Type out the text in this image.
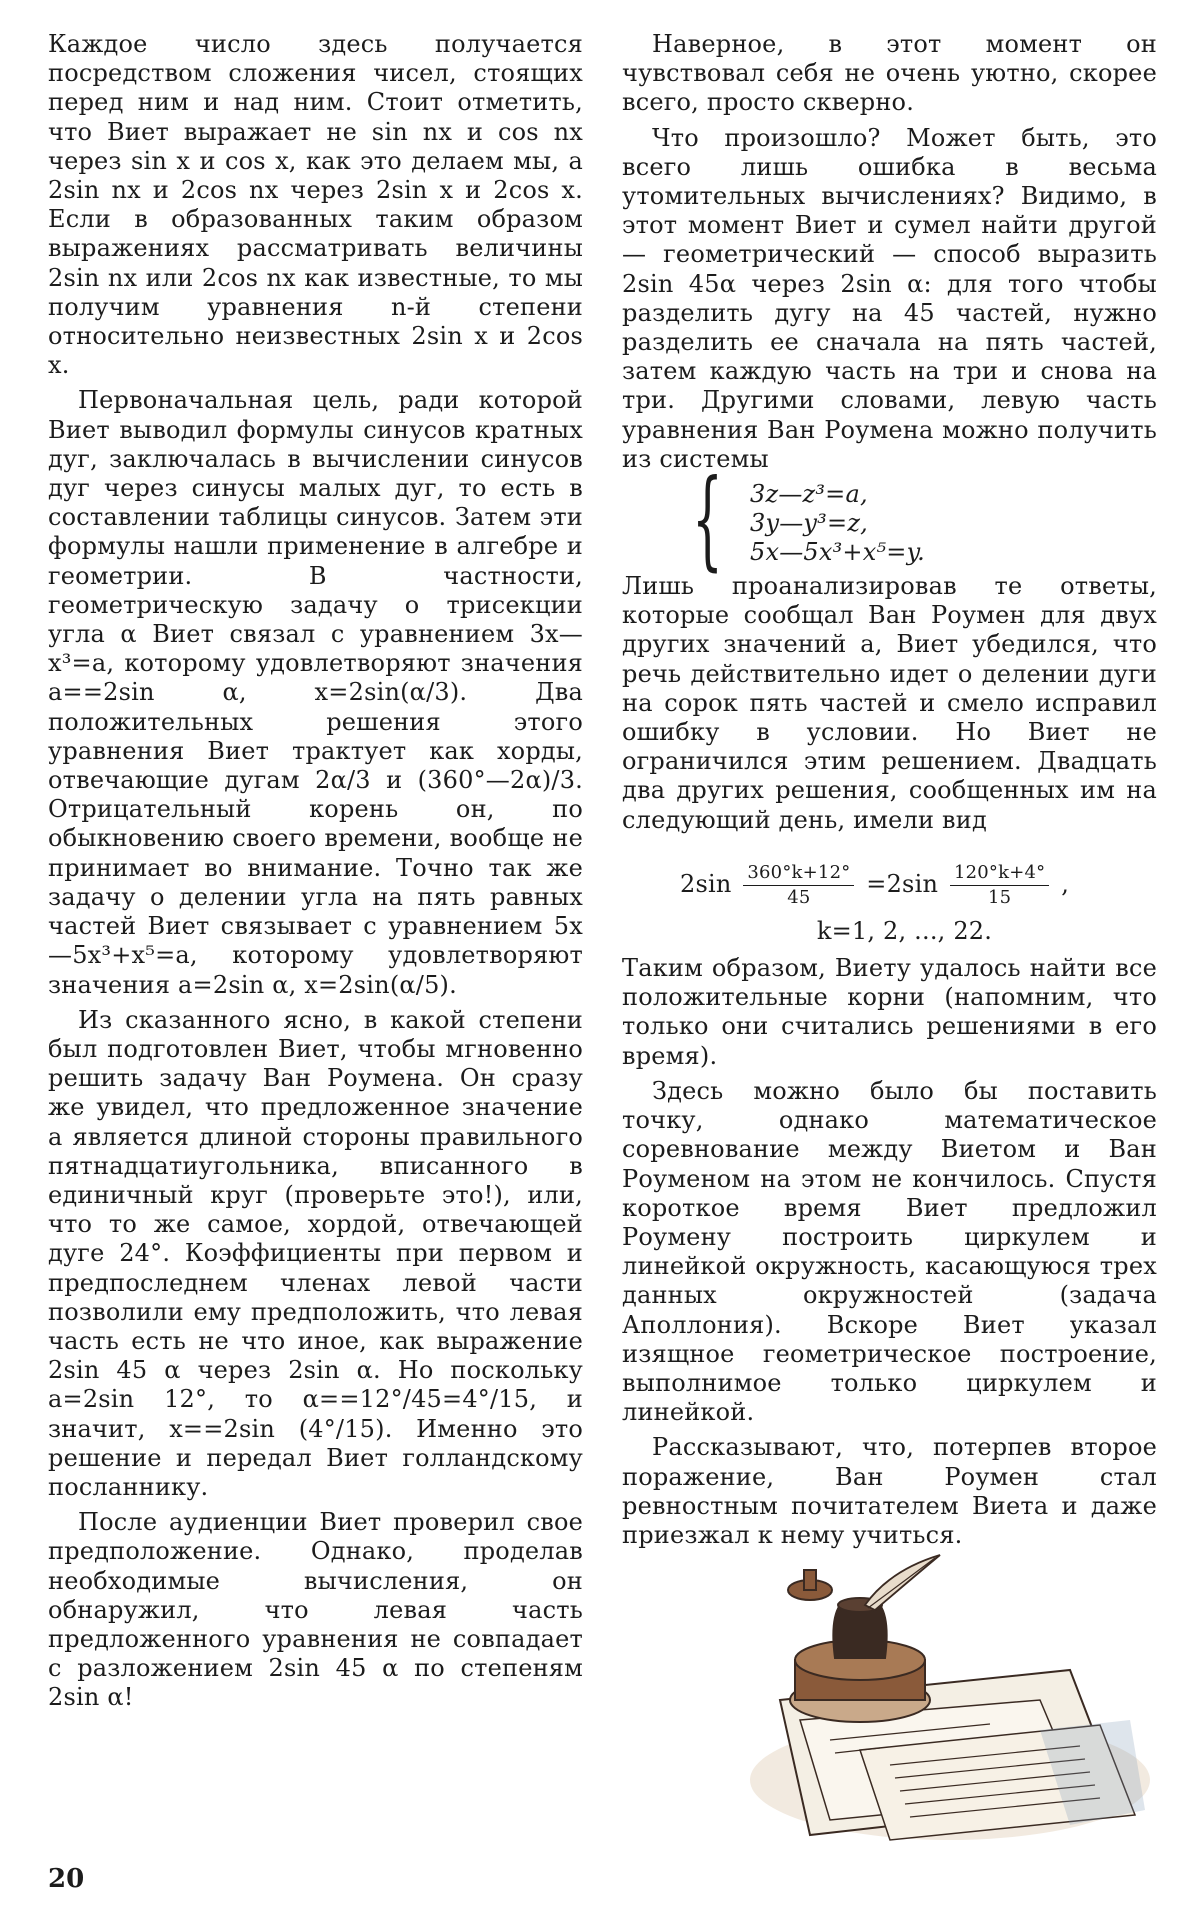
Каждое число здесь получается посредством сложения чисел, стоящих перед ним и над ним. Стоит отметить, что Виет выражает не sin nx и cos nx через sin x и cos x, как это делаем мы, а 2sin nx и 2cos nx через 2sin x и 2cos x. Если в образованных таким образом выражениях рассматривать величины 2sin nx или 2cos nx как известные, то мы получим уравнения n-й степени относительно неизвестных 2sin x и 2cos x.

Первоначальная цель, ради которой Виет выводил формулы синусов кратных дуг, заключалась в вычислении синусов дуг через синусы малых дуг, то есть в составлении таблицы синусов. Затем эти формулы нашли применение в алгебре и геометрии. В частности, геометрическую задачу о трисекции угла α Виет связал с уравнением 3x—x³=a, которому удовлетворяют значения a==2sin α, x=2sin(α/3). Два положительных решения этого уравнения Виет трактует как хорды, отвечающие дугам 2α/3 и (360°—2α)/3. Отрицательный корень он, по обыкновению своего времени, вообще не принимает во внимание. Точно так же задачу о делении угла на пять равных частей Виет связывает с уравнением 5x—5x³+x⁵=a, которому удовлетворяют значения a=2sin α, x=2sin(α/5).

Из сказанного ясно, в какой степени был подготовлен Виет, чтобы мгновенно решить задачу Ван Роумена. Он сразу же увидел, что предложенное значение a является длиной стороны правильного пятнадцатиугольника, вписанного в единичный круг (проверьте это!), или, что то же самое, хордой, отвечающей дуге 24°. Коэффициенты при первом и предпоследнем членах левой части позволили ему предположить, что левая часть есть не что иное, как выражение 2sin 45 α через 2sin α. Но поскольку a=2sin 12°, то α==12°/45=4°/15, и значит, x==2sin (4°/15). Именно это решение и передал Виет голландскому посланнику.

После аудиенции Виет проверил свое предположение. Однако, проделав необходимые вычисления, он обнаружил, что левая часть предложенного уравнения не совпадает с разложением 2sin 45 α по степеням 2sin α!

Наверное, в этот момент он чувствовал себя не очень уютно, скорее всего, просто скверно.

Что произошло? Может быть, это всего лишь ошибка в весьма утомительных вычислениях? Видимо, в этот момент Виет и сумел найти другой — геометрический — способ выразить 2sin 45α через 2sin α: для того чтобы разделить дугу на 45 частей, нужно разделить ее сначала на пять частей, затем каждую часть на три и снова на три. Другими словами, левую часть уравнения Ван Роумена можно получить из системы

{ 3z—z³=a,
3y—y³=z,
5x—5x³+x⁵=y.

Лишь проанализировав те ответы, которые сообщал Ван Роумен для двух других значений a, Виет убедился, что речь действительно идет о делении дуги на сорок пять частей и смело исправил ошибку в условии. Но Виет не ограничился этим решением. Двадцать два других решения, сообщенных им на следующий день, имели вид

$2\sin \frac{360^\circ k+12^\circ}{45} =2\sin \frac{120^\circ k+4^\circ}{15}$ ,
k=1, 2, ..., 22.

Таким образом, Виету удалось найти все положительные корни (напомним, что только они считались решениями в его время).

Здесь можно было бы поставить точку, однако математическое соревнование между Виетом и Ван Роуменом на этом не кончилось. Спустя короткое время Виет предложил Роумену построить циркулем и линейкой окружность, касающуюся трех данных окружностей (задача Аполлония). Вскоре Виет указал изящное геометрическое построение, выполнимое только циркулем и линейкой.

Рассказывают, что, потерпев второе поражение, Ван Роумен стал ревностным почитателем Виета и даже приезжал к нему учиться.

20
